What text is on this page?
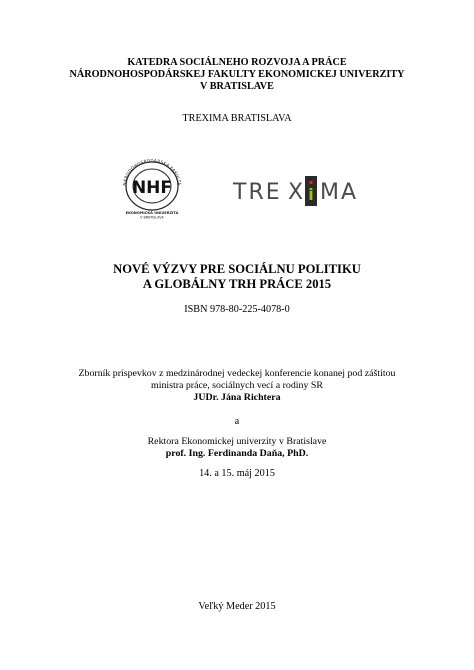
KATEDRA SOCIÁLNEHO ROZVOJA A PRÁCE
NÁRODNOHOSPODÁRSKEJ FAKULTY EKONOMICKEJ UNIVERZITY
V BRATISLAVE
TREXIMA BRATISLAVA
NÁRODOHOSPODÁRSKA FAKULTA
NHF
EKONOMICKÁ UNIVERZITA
V BRATISLAVE
TRE X i MA
NOVÉ VÝZVY PRE SOCIÁLNU POLITIKU
A GLOBÁLNY TRH PRÁCE 2015
ISBN 978-80-225-4078-0
Zborník príspevkov z medzinárodnej vedeckej konferencie konanej pod záštitou
ministra práce, sociálnych vecí a rodiny SR
JUDr. Jána Richtera
a
Rektora Ekonomickej univerzity v Bratislave
prof. Ing. Ferdinanda Daňa, PhD.
14. a 15. máj 2015
Veľký Meder 2015
